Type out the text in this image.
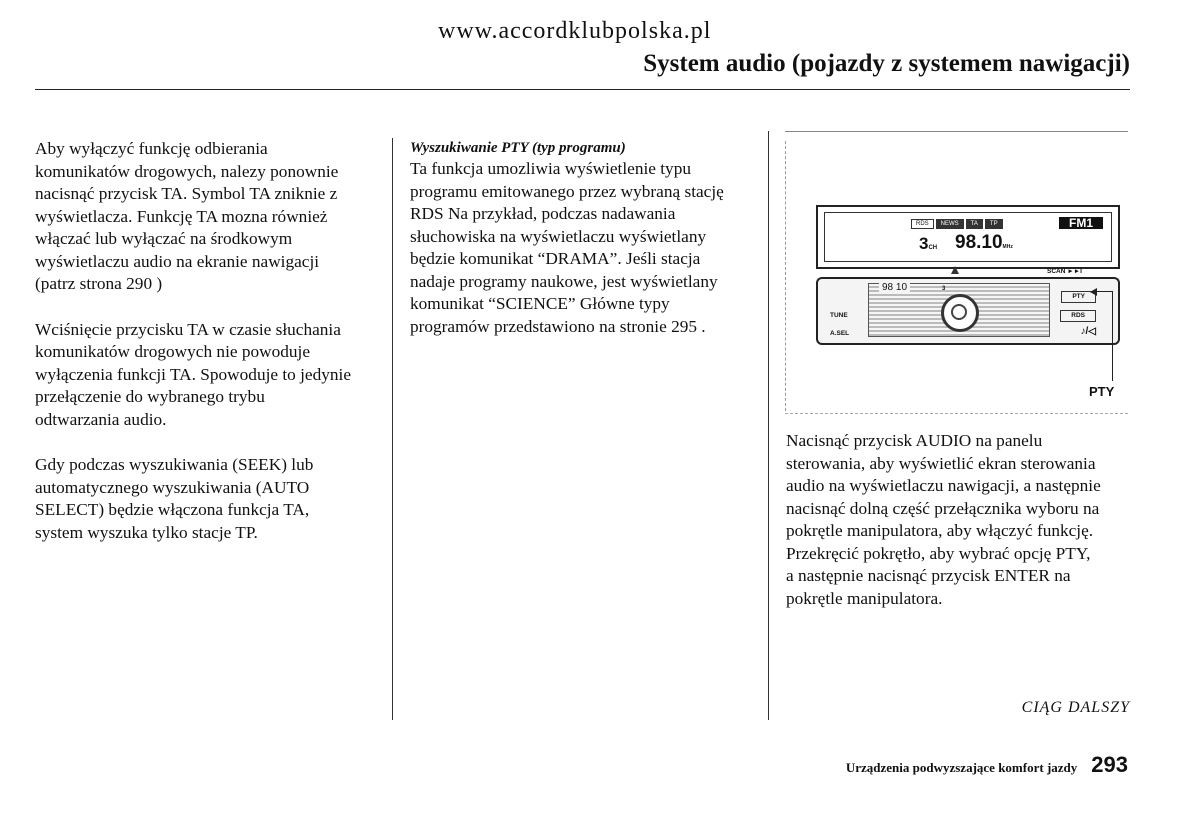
www.accordklubpolska.pl
System audio (pojazdy z systemem nawigacji)

Aby wyłączyć funkcję odbierania
komunikatów drogowych, nalezy ponownie
nacisnąć przycisk TA. Symbol TA zniknie z
wyświetlacza. Funkcję TA mozna również
włączać lub wyłączać na środkowym
wyświetlaczu audio na ekranie nawigacji
(patrz strona 290 )

Wciśnięcie przycisku TA w czasie słuchania
komunikatów drogowych nie powoduje
wyłączenia funkcji TA. Spowoduje to jedynie
przełączenie do wybranego trybu
odtwarzania audio.

Gdy podczas wyszukiwania (SEEK) lub
automatycznego wyszukiwania (AUTO
SELECT) będzie włączona funkcja TA,
system wyszuka tylko stacje TP.

Wyszukiwanie PTY (typ programu)

Ta funkcja umozliwia wyświetlenie typu
programu emitowanego przez wybraną stację
RDS Na przykład, podczas nadawania
słuchowiska na wyświetlaczu wyświetlany
będzie komunikat “DRAMA”. Jeśli stacja
nadaje programy naukowe, jest wyświetlany
komunikat “SCIENCE” Główne typy
programów przedstawiono na stronie 295 .

RDS	NEWS	TA	TP	FM1
3CH 98.10MHz
SCAN ►►I
98 10	3
TUNE
A.SEL
PTY
RDS
♪/◁
PTY
Nacisnąć przycisk AUDIO na panelu
sterowania, aby wyświetlić ekran sterowania
audio na wyświetlaczu nawigacji, a następnie
nacisnąć dolną część przełącznika wyboru na
pokrętle manipulatora, aby włączyć funkcję.
Przekręcić pokrętło, aby wybrać opcję PTY,
a następnie nacisnąć przycisk ENTER na
pokrętle manipulatora.
CIĄG DALSZY
Urządzenia podwyzszające komfort jazdy 293
